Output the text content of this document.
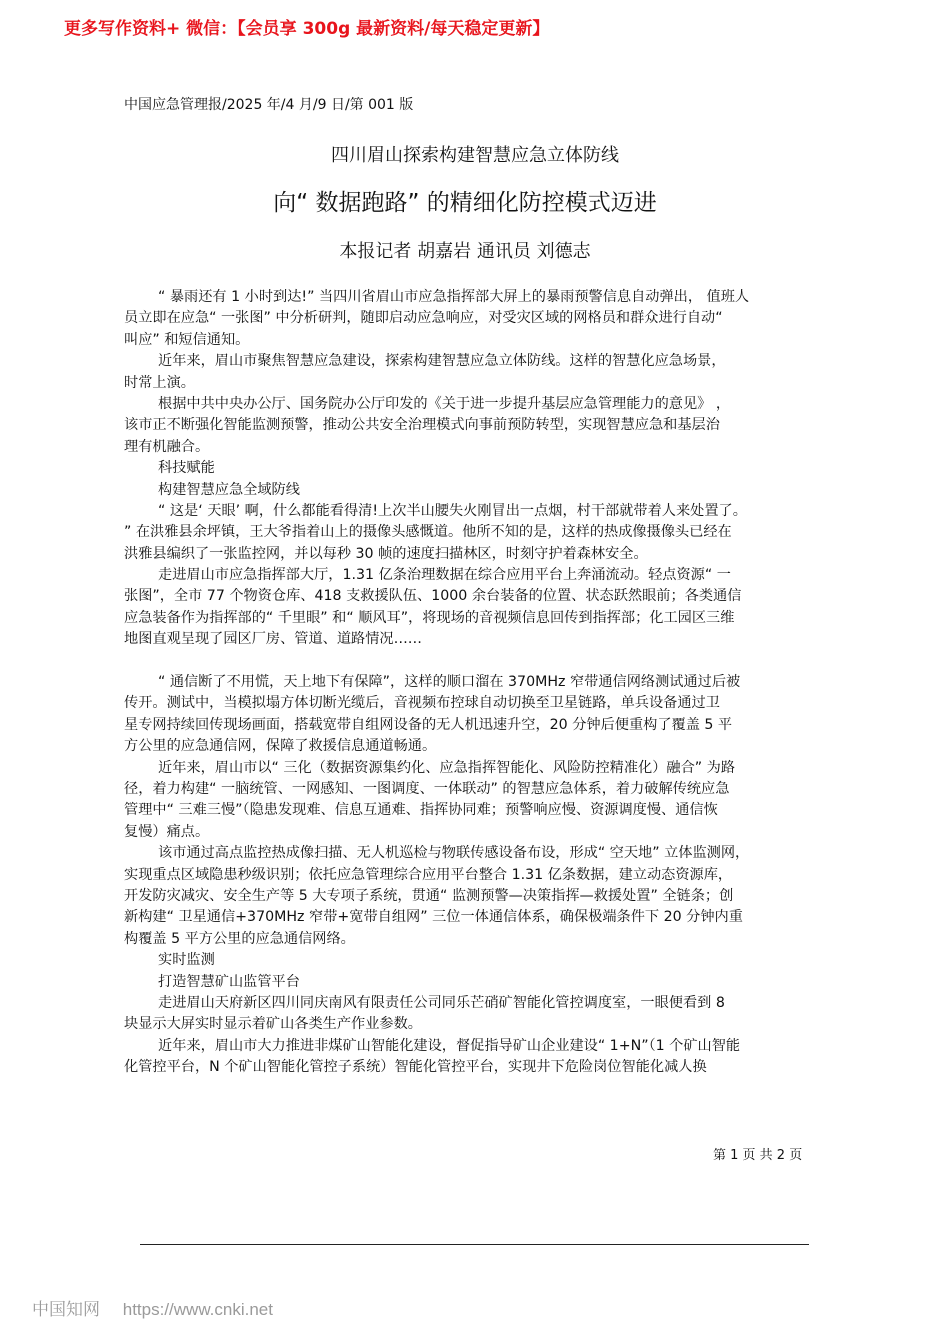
更多写作资料+ 微信：【会员享 300g 最新资料/每天稳定更新】
中国应急管理报/2025 年/4 月/9 日/第 001 版
四川眉山探索构建智慧应急立体防线
向“ 数据跑路” 的精细化防控模式迈进
本报记者 胡嘉岩 通讯员 刘德志
“ 暴雨还有 1 小时到达!” 当四川省眉山市应急指挥部大屏上的暴雨预警信息自动弹出， 值班人
员立即在应急“ 一张图” 中分析研判，随即启动应急响应，对受灾区域的网格员和群众进行自动“
叫应” 和短信通知。
近年来，眉山市聚焦智慧应急建设，探索构建智慧应急立体防线。这样的智慧化应急场景，
时常上演。
根据中共中央办公厅、国务院办公厅印发的《关于进一步提升基层应急管理能力的意见》 ，
该市正不断强化智能监测预警，推动公共安全治理模式向事前预防转型，实现智慧应急和基层治
理有机融合。
科技赋能
构建智慧应急全域防线
“ 这是‘ 天眼’ 啊，什么都能看得清!上次半山腰失火刚冒出一点烟，村干部就带着人来处置了。
” 在洪雅县余坪镇，王大爷指着山上的摄像头感慨道。他所不知的是，这样的热成像摄像头已经在
洪雅县编织了一张监控网，并以每秒 30 帧的速度扫描林区，时刻守护着森林安全。
走进眉山市应急指挥部大厅，1.31 亿条治理数据在综合应用平台上奔涌流动。轻点资源“ 一
张图”，全市 77 个物资仓库、418 支救援队伍、1000 余台装备的位置、状态跃然眼前；各类通信
应急装备作为指挥部的“ 千里眼” 和“ 顺风耳”，将现场的音视频信息回传到指挥部；化工园区三维
地图直观呈现了园区厂房、管道、道路情况……
“ 通信断了不用慌，天上地下有保障”，这样的顺口溜在 370MHz 窄带通信网络测试通过后被
传开。测试中，当模拟塌方体切断光缆后，音视频布控球自动切换至卫星链路，单兵设备通过卫
星专网持续回传现场画面，搭载宽带自组网设备的无人机迅速升空，20 分钟后便重构了覆盖 5 平
方公里的应急通信网，保障了救援信息通道畅通。
近年来，眉山市以“ 三化（数据资源集约化、应急指挥智能化、风险防控精准化）融合” 为路
径，着力构建“ 一脑统管、一网感知、一图调度、一体联动” 的智慧应急体系，着力破解传统应急
管理中“ 三难三慢”（隐患发现难、信息互通难、指挥协同难；预警响应慢、资源调度慢、通信恢
复慢）痛点。
该市通过高点监控热成像扫描、无人机巡检与物联传感设备布设，形成“ 空天地” 立体监测网，
实现重点区域隐患秒级识别；依托应急管理综合应用平台整合 1.31 亿条数据，建立动态资源库，
开发防灾减灾、安全生产等 5 大专项子系统，贯通“ 监测预警—决策指挥—救援处置” 全链条；创
新构建“ 卫星通信+370MHz 窄带+宽带自组网” 三位一体通信体系，确保极端条件下 20 分钟内重
构覆盖 5 平方公里的应急通信网络。
实时监测
打造智慧矿山监管平台
走进眉山天府新区四川同庆南风有限责任公司同乐芒硝矿智能化管控调度室，一眼便看到 8
块显示大屏实时显示着矿山各类生产作业参数。
近年来，眉山市大力推进非煤矿山智能化建设，督促指导矿山企业建设“ 1+N”（1 个矿山智能
化管控平台，N 个矿山智能化管控子系统）智能化管控平台，实现井下危险岗位智能化减人换
第 1 页 共 2 页
中国知网 https://www.cnki.net
